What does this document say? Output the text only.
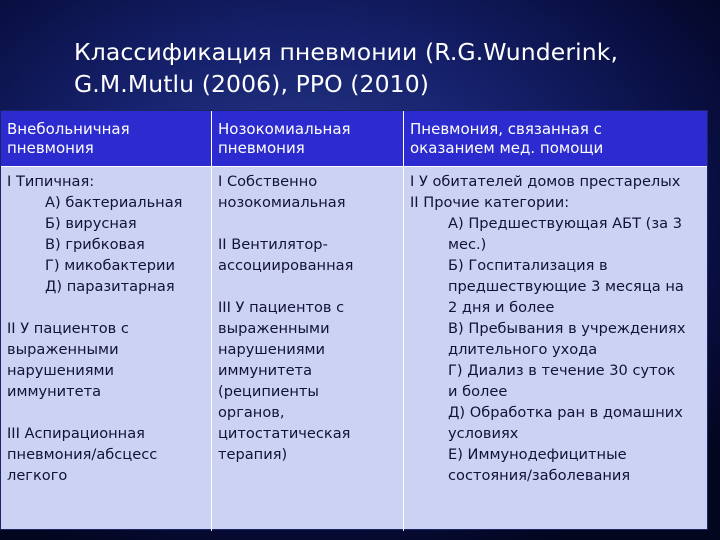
Классификация пневмонии (R.G.Wunderink,
G.M.Mutlu (2006), РРО (2010)
Внебольничная
пневмония
Нозокомиальная
пневмония
Пневмония, связанная с
оказанием мед. помощи
I Типичная:
А) бактериальная
Б) вирусная
В) грибковая
Г) микобактерии
Д) паразитарная
II У пациентов с
выраженными
нарушениями
иммунитета
III Аспирационная
пневмония/абсцесс
легкого
I Собственно
нозокомиальная
II Вентилятор-
ассоциированная
III У пациентов с
выраженными
нарушениями
иммунитета
(реципиенты
органов,
цитостатическая
терапия)
I У обитателей домов престарелых
II Прочие категории:
А) Предшествующая АБТ (за 3
мес.)
Б) Госпитализация в
предшествующие 3 месяца на
2 дня и более
В) Пребывания в учреждениях
длительного ухода
Г) Диализ в течение 30 суток
и более
Д) Обработка ран в домашних
условиях
Е) Иммунодефицитные
состояния/заболевания
